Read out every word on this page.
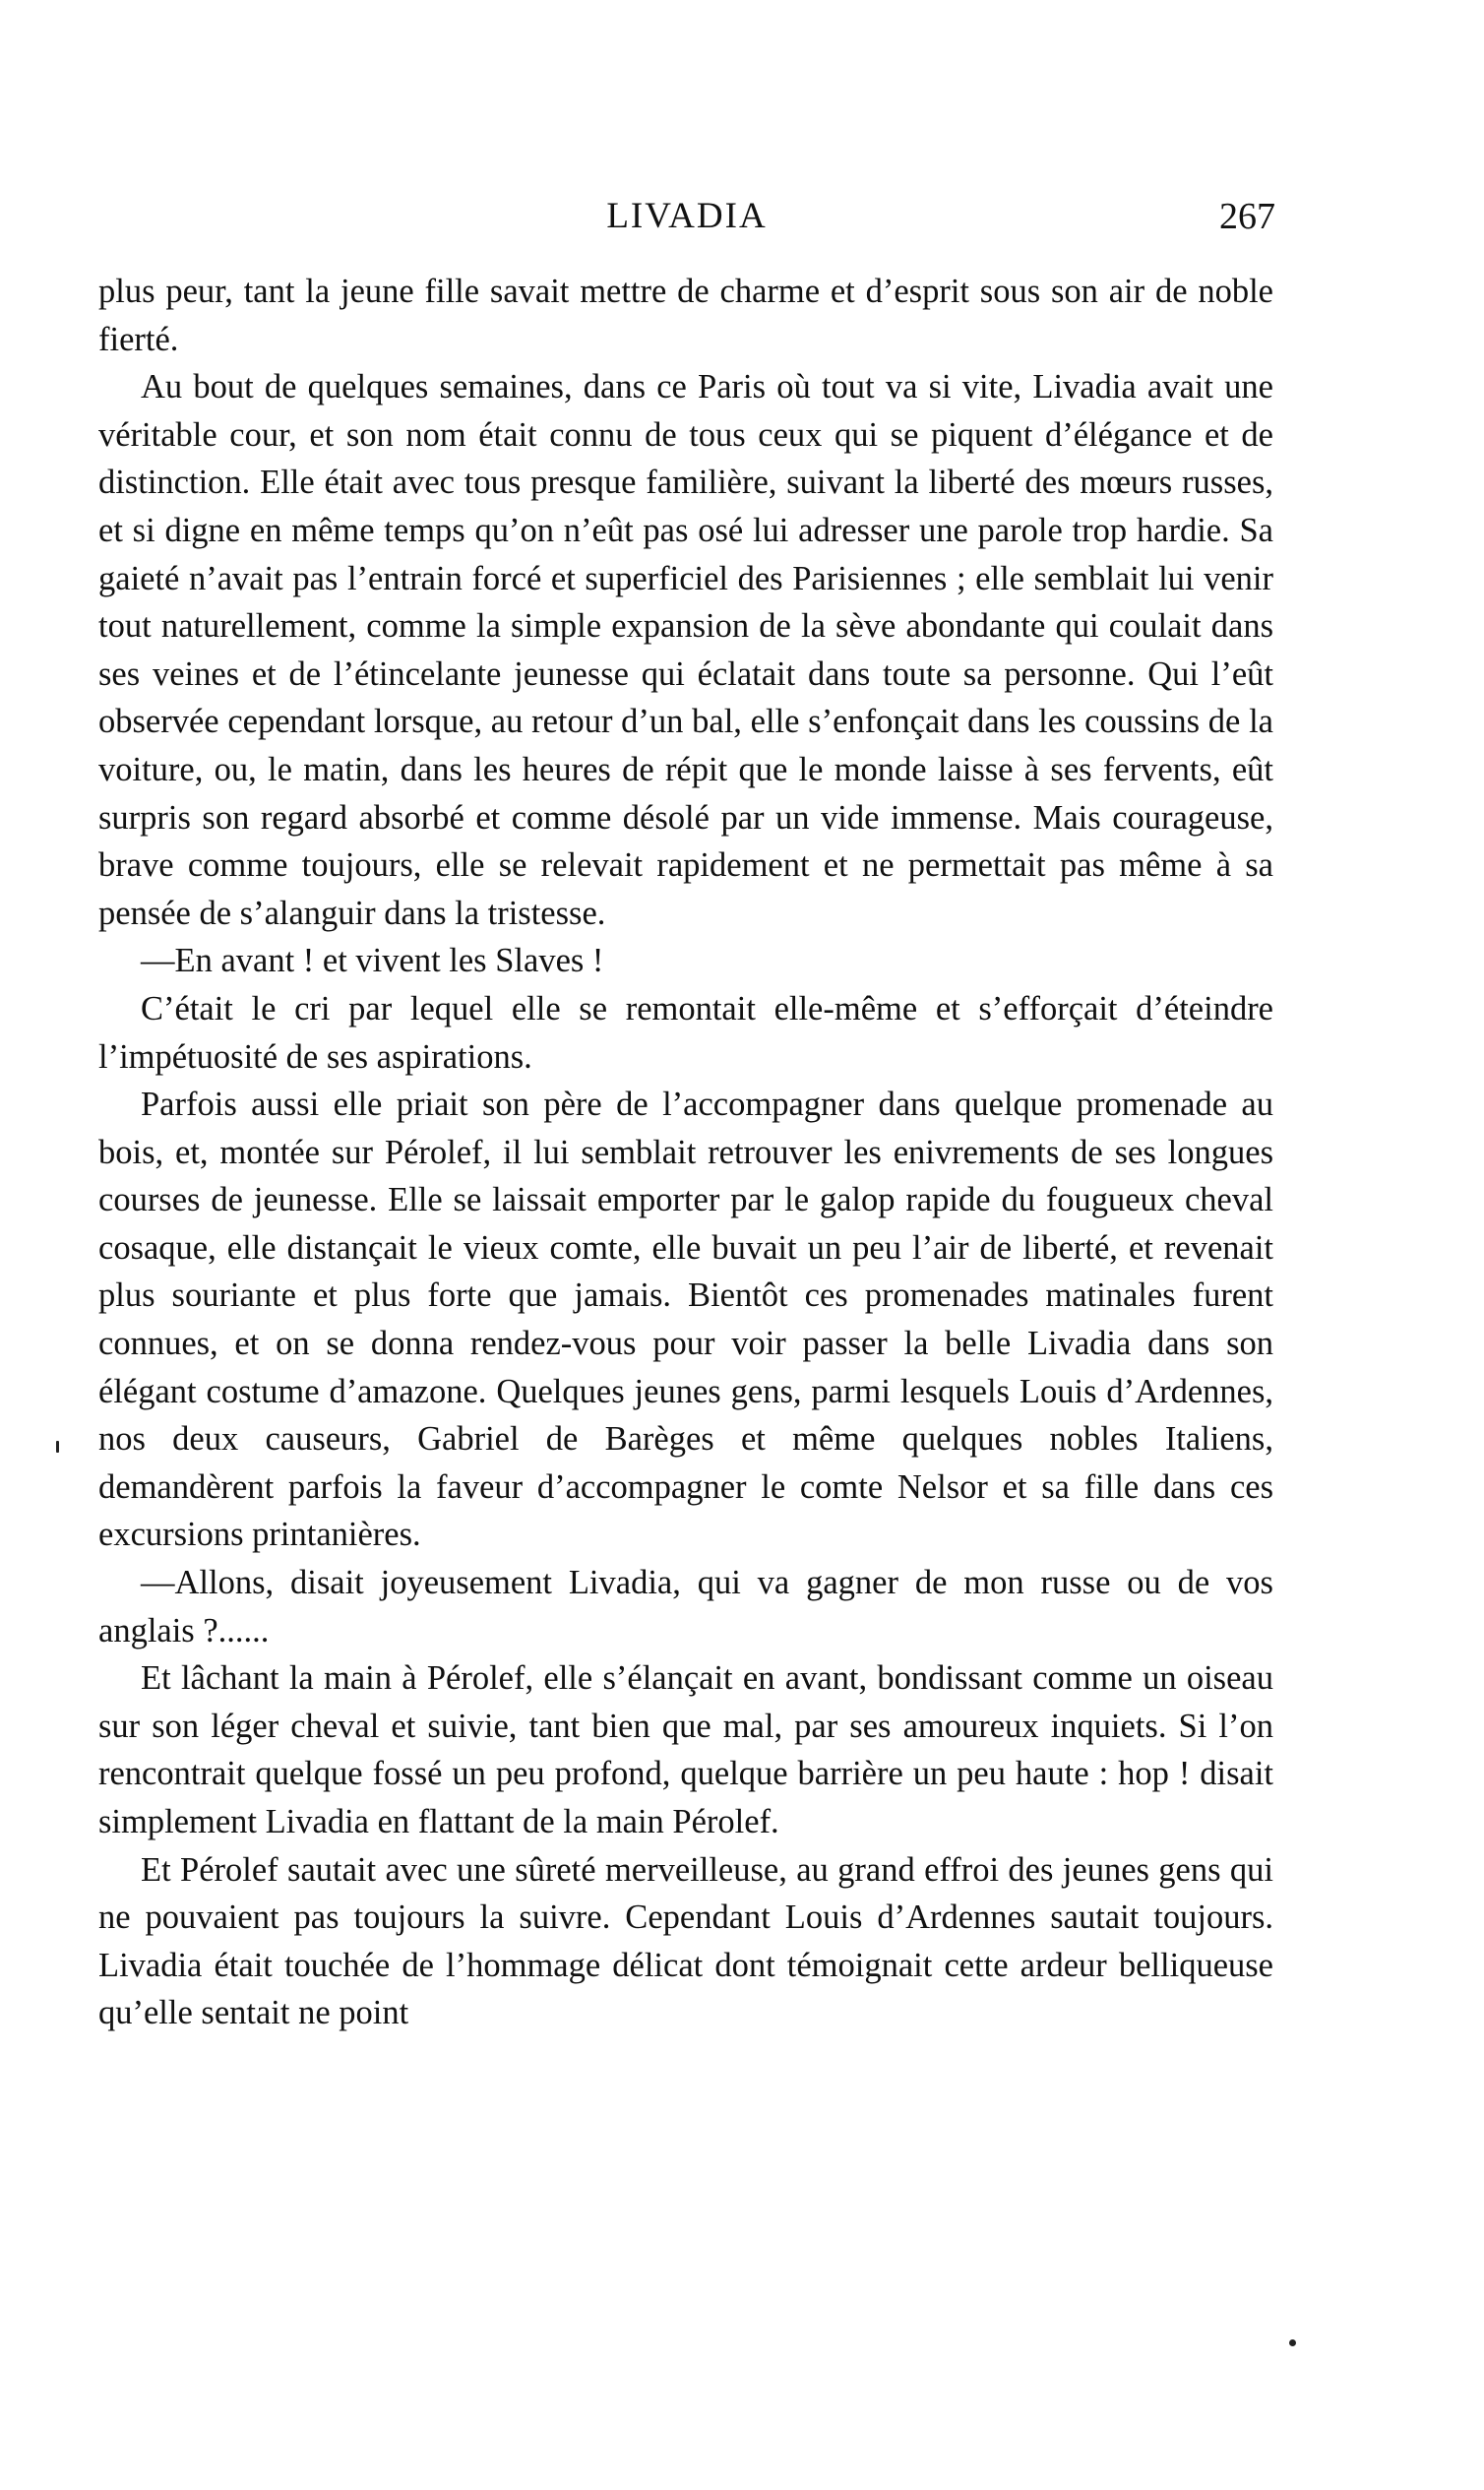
LIVADIA	267

plus peur, tant la jeune fille savait mettre de charme et d’esprit sous son air de noble fierté.

Au bout de quelques semaines, dans ce Paris où tout va si vite, Livadia avait une véritable cour, et son nom était connu de tous ceux qui se piquent d’élégance et de distinction. Elle était avec tous presque familière, suivant la liberté des mœurs russes, et si digne en même temps qu’on n’eût pas osé lui adresser une parole trop hardie. Sa gaieté n’avait pas l’entrain forcé et superficiel des Parisiennes ; elle semblait lui venir tout naturellement, comme la simple expansion de la sève abondante qui coulait dans ses veines et de l’étincelante jeunesse qui éclatait dans toute sa personne. Qui l’eût observée cependant lorsque, au retour d’un bal, elle s’enfonçait dans les coussins de la voiture, ou, le matin, dans les heures de répit que le monde laisse à ses fervents, eût surpris son regard absorbé et comme désolé par un vide immense. Mais courageuse, brave comme toujours, elle se relevait rapidement et ne permettait pas même à sa pensée de s’alanguir dans la tristesse.

—En avant ! et vivent les Slaves !

C’était le cri par lequel elle se remontait elle-même et s’efforçait d’éteindre l’impétuosité de ses aspirations.

Parfois aussi elle priait son père de l’accompagner dans quelque promenade au bois, et, montée sur Pérolef, il lui semblait retrouver les enivrements de ses longues courses de jeunesse. Elle se laissait emporter par le galop rapide du fougueux cheval cosaque, elle distançait le vieux comte, elle buvait un peu l’air de liberté, et revenait plus souriante et plus forte que jamais. Bientôt ces promenades matinales furent connues, et on se donna rendez-vous pour voir passer la belle Livadia dans son élégant costume d’amazone. Quelques jeunes gens, parmi lesquels Louis d’Ardennes, nos deux causeurs, Gabriel de Barèges et même quelques nobles Italiens, demandèrent parfois la faveur d’accompagner le comte Nelsor et sa fille dans ces excursions printanières.

—Allons, disait joyeusement Livadia, qui va gagner de mon russe ou de vos anglais ?......

Et lâchant la main à Pérolef, elle s’élançait en avant, bondissant comme un oiseau sur son léger cheval et suivie, tant bien que mal, par ses amoureux inquiets. Si l’on rencontrait quelque fossé un peu profond, quelque barrière un peu haute : hop ! disait simplement Livadia en flattant de la main Pérolef.

Et Pérolef sautait avec une sûreté merveilleuse, au grand effroi des jeunes gens qui ne pouvaient pas toujours la suivre. Cependant Louis d’Ardennes sautait toujours. Livadia était touchée de l’hommage délicat dont témoignait cette ardeur belliqueuse qu’elle sentait ne point
